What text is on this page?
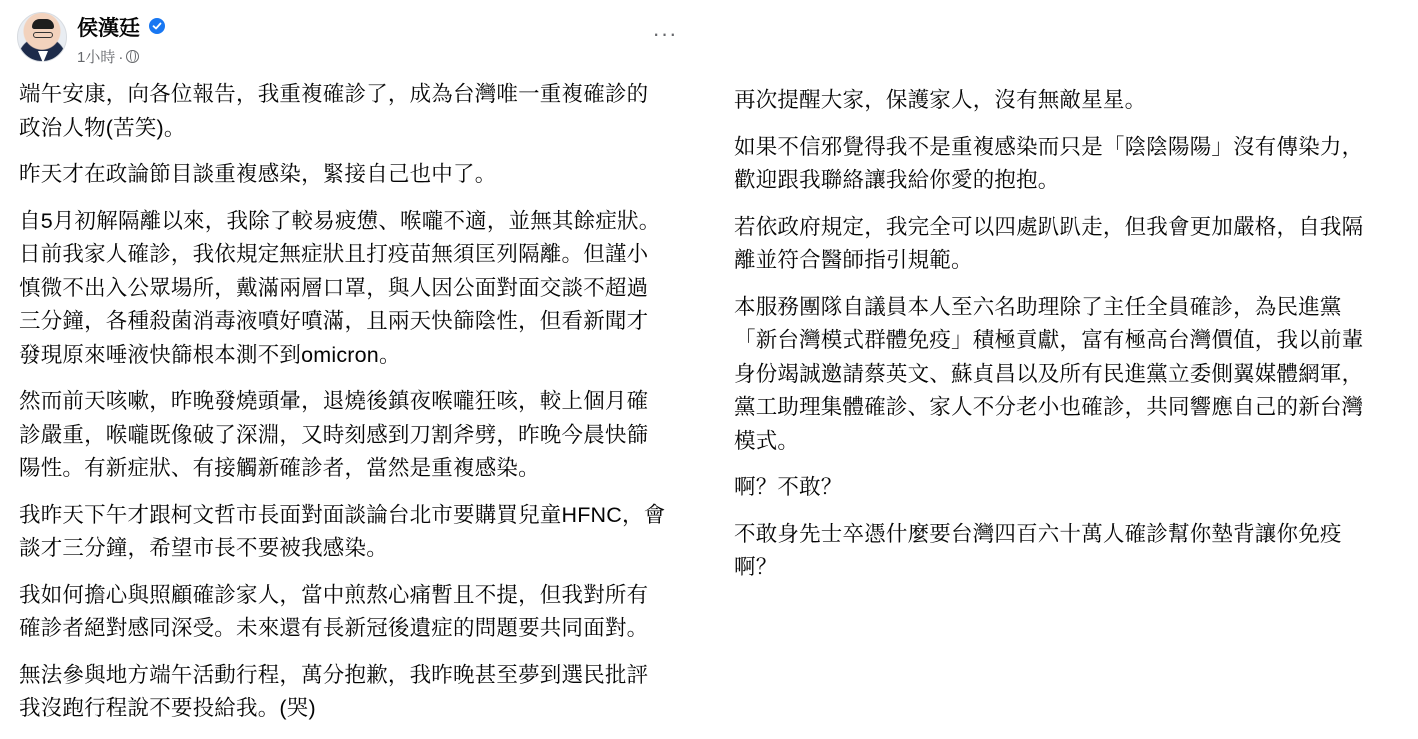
侯漢廷
1小時 ·
···

端午安康，向各位報告，我重複確診了，成為台灣唯一重複確診的
政治人物(苦笑)。

昨天才在政論節目談重複感染，緊接自己也中了。

自5月初解隔離以來，我除了較易疲憊、喉嚨不適，並無其餘症狀。
日前我家人確診，我依規定無症狀且打疫苗無須匡列隔離。但謹小
慎微不出入公眾場所，戴滿兩層口罩，與人因公面對面交談不超過
三分鐘，各種殺菌消毒液噴好噴滿，且兩天快篩陰性，但看新聞才
發現原來唾液快篩根本測不到omicron。

然而前天咳嗽，昨晚發燒頭暈，退燒後鎮夜喉嚨狂咳，較上個月確
診嚴重，喉嚨既像破了深淵，又時刻感到刀割斧劈，昨晚今晨快篩
陽性。有新症狀、有接觸新確診者，當然是重複感染。

我昨天下午才跟柯文哲市長面對面談論台北市要購買兒童HFNC，會
談才三分鐘，希望市長不要被我感染。

我如何擔心與照顧確診家人，當中煎熬心痛暫且不提，但我對所有
確診者絕對感同深受。未來還有長新冠後遺症的問題要共同面對。

無法參與地方端午活動行程，萬分抱歉，我昨晚甚至夢到選民批評
我沒跑行程說不要投給我。(哭)

再次提醒大家，保護家人，沒有無敵星星。

如果不信邪覺得我不是重複感染而只是「陰陰陽陽」沒有傳染力，
歡迎跟我聯絡讓我給你愛的抱抱。

若依政府規定，我完全可以四處趴趴走，但我會更加嚴格，自我隔
離並符合醫師指引規範。

本服務團隊自議員本人至六名助理除了主任全員確診，為民進黨
「新台灣模式群體免疫」積極貢獻，富有極高台灣價值，我以前輩
身份竭誠邀請蔡英文、蘇貞昌以及所有民進黨立委側翼媒體網軍，
黨工助理集體確診、家人不分老小也確診，共同響應自己的新台灣
模式。

啊？不敢？

不敢身先士卒憑什麼要台灣四百六十萬人確診幫你墊背讓你免疫
啊？
